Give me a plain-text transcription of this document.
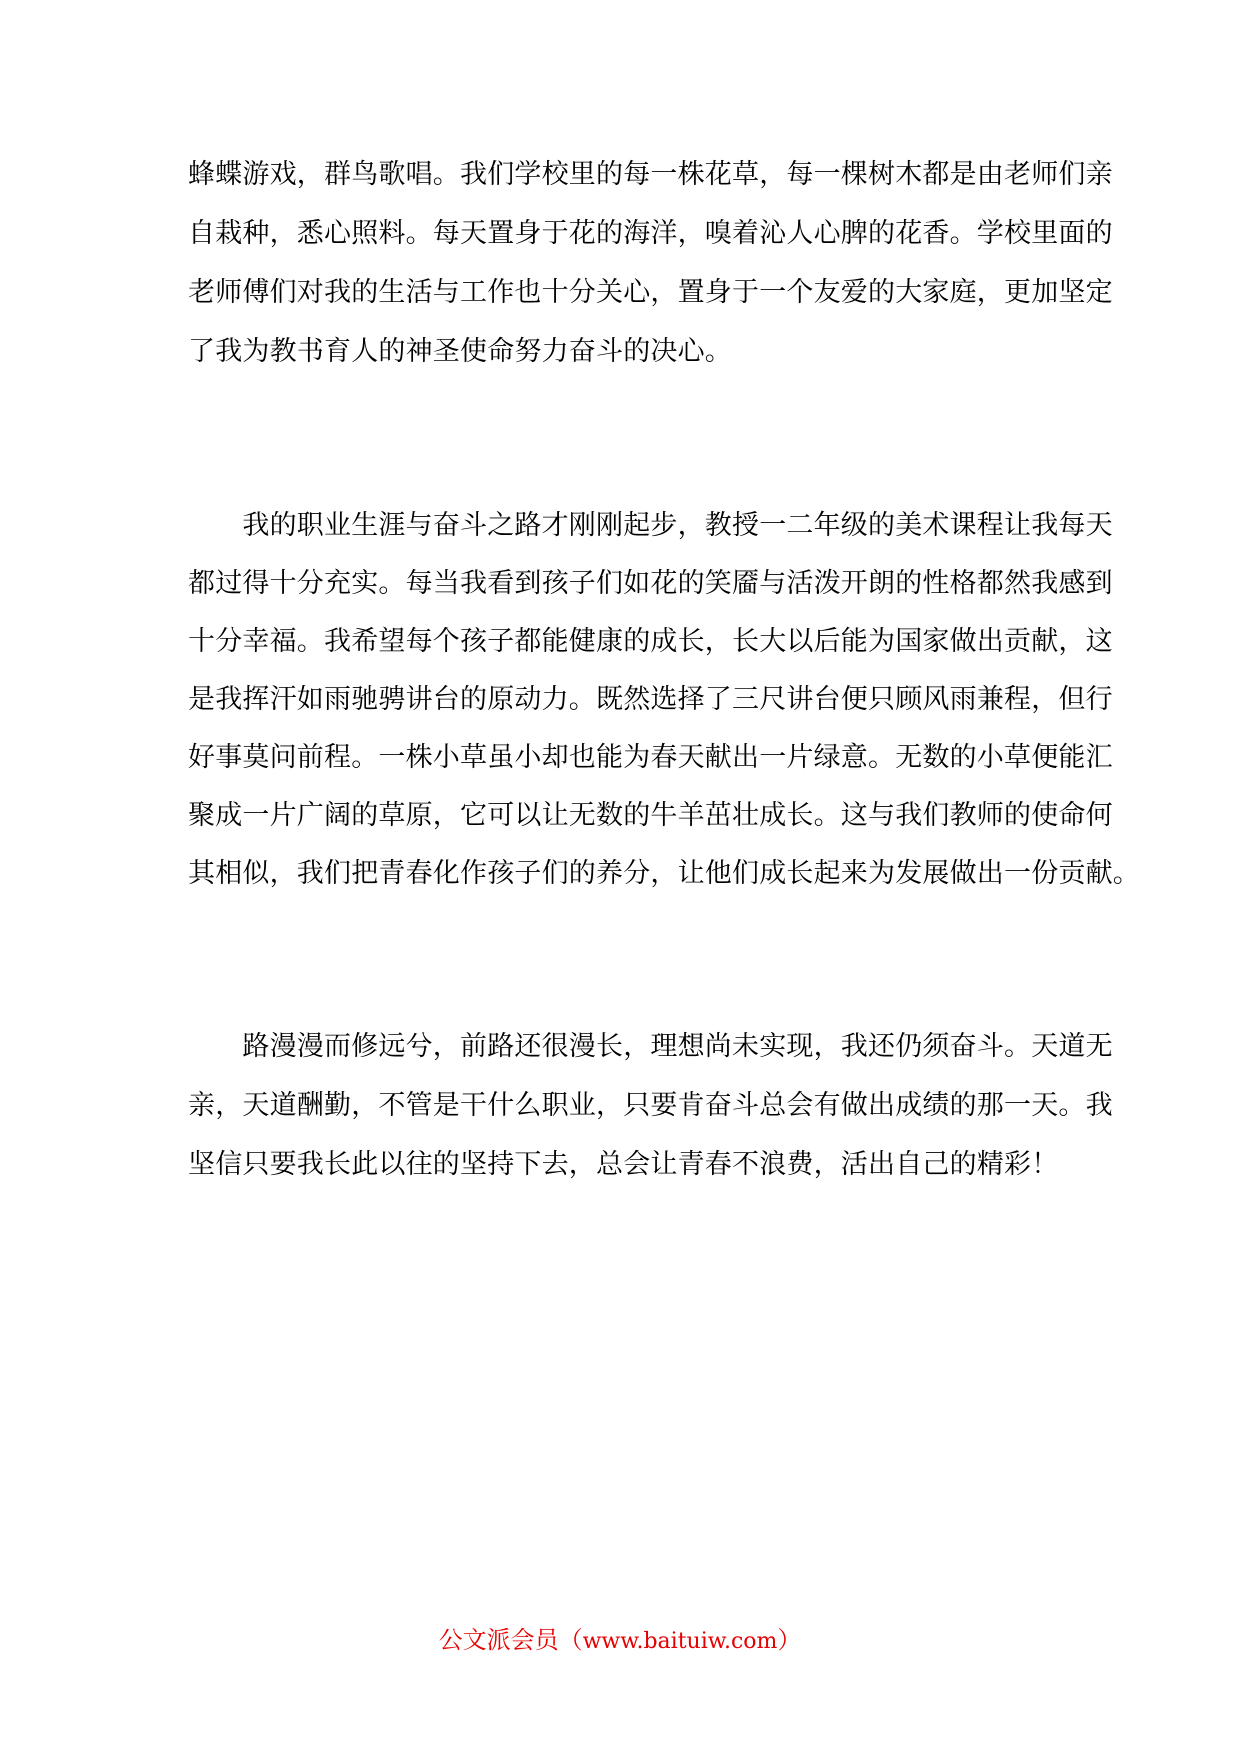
蜂蝶游戏，群鸟歌唱。我们学校里的每一株花草，每一棵树木都是由老师们亲
自栽种，悉心照料。每天置身于花的海洋，嗅着沁人心脾的花香。学校里面的
老师傅们对我的生活与工作也十分关心，置身于一个友爱的大家庭，更加坚定
了我为教书育人的神圣使命努力奋斗的决心。
　　我的职业生涯与奋斗之路才刚刚起步，教授一二年级的美术课程让我每天
都过得十分充实。每当我看到孩子们如花的笑靥与活泼开朗的性格都然我感到
十分幸福。我希望每个孩子都能健康的成长，长大以后能为国家做出贡献，这
是我挥汗如雨驰骋讲台的原动力。既然选择了三尺讲台便只顾风雨兼程，但行
好事莫问前程。一株小草虽小却也能为春天献出一片绿意。无数的小草便能汇
聚成一片广阔的草原，它可以让无数的牛羊茁壮成长。这与我们教师的使命何
其相似，我们把青春化作孩子们的养分，让他们成长起来为发展做出一份贡献。
　　路漫漫而修远兮，前路还很漫长，理想尚未实现，我还仍须奋斗。天道无
亲，天道酬勤，不管是干什么职业，只要肯奋斗总会有做出成绩的那一天。我
坚信只要我长此以往的坚持下去，总会让青春不浪费，活出自己的精彩！
公文派会员（www.baituiw.com）
